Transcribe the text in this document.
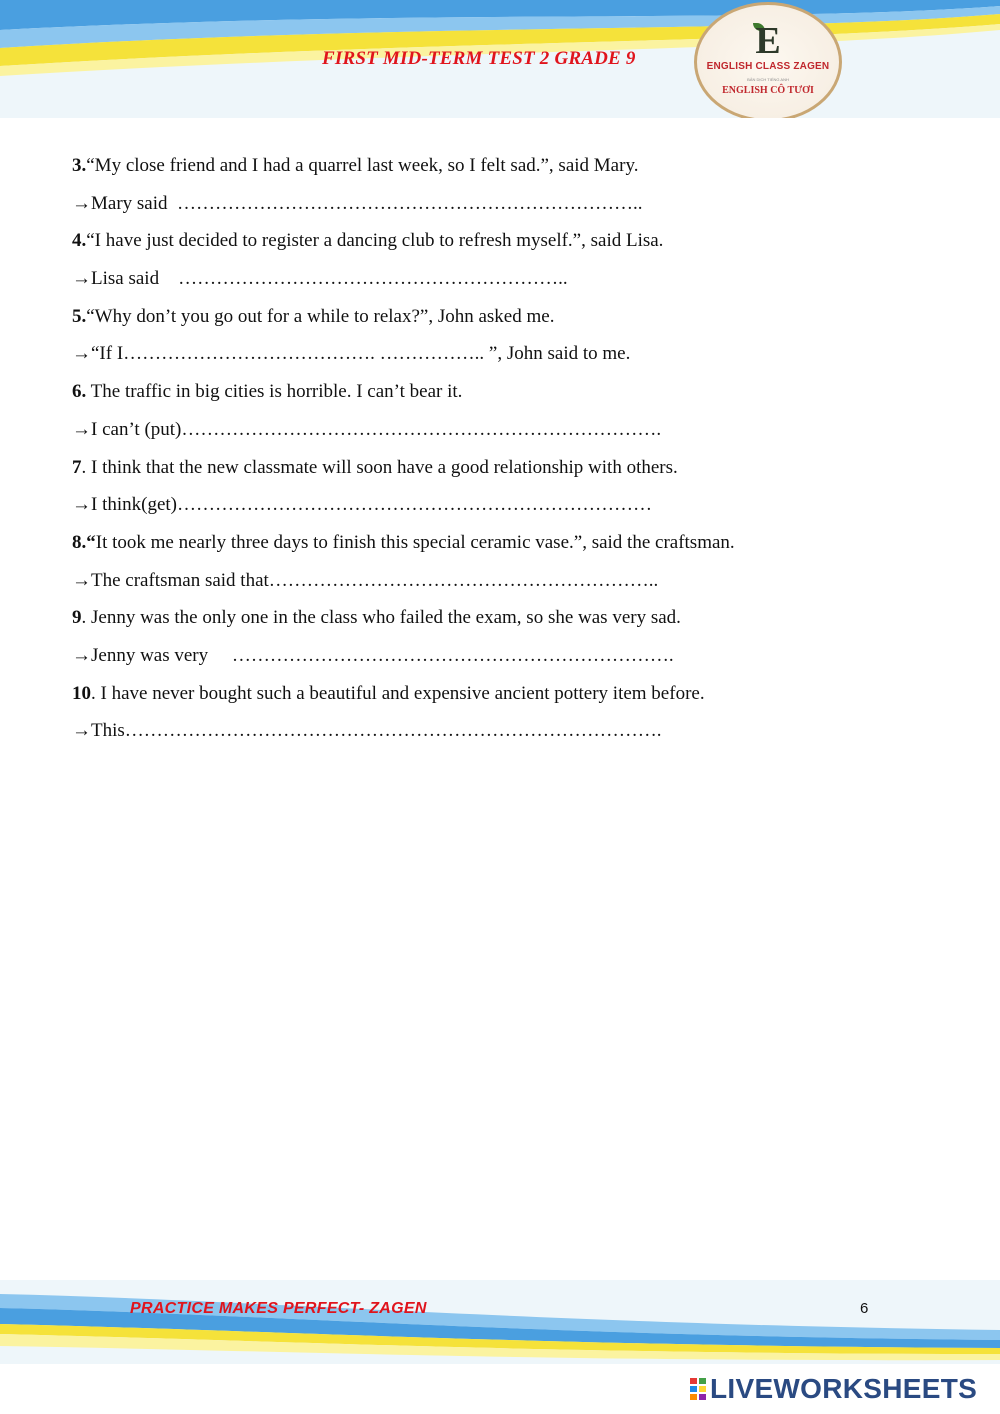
FIRST MID-TERM TEST 2 GRADE 9	E
ENGLISH CLASS ZAGEN
BẢN DỊCH TIẾNG ANH
ENGLISH CÔ TƯƠI
3.“My close friend and I had a quarrel last week, so I felt sad.”, said Mary.
→Mary said  ………………………………………………………………..
4.“I have just decided to register a dancing club to refresh myself.”, said Lisa.
→Lisa said    ……………………………………………………..
5.“Why don’t you go out for a while to relax?”, John asked me.
→“If I…………………………………. …………….. ”, John said to me.
6. The traffic in big cities is horrible. I can’t bear it.
→I can’t (put)………………………………………………………………….
7. I think that the new classmate will soon have a good relationship with others.
→I think(get)…………………………………………………………………
8.“It took me nearly three days to finish this special ceramic vase.”, said the craftsman.
→The craftsman said that……………………………………………………..
9. Jenny was the only one in the class who failed the exam, so she was very sad.
→Jenny was very     …………………………………………………………….
10. I have never bought such a beautiful and expensive ancient pottery item before.
→This………………………………………………………………………….
PRACTICE MAKES PERFECT- ZAGEN	6
LIVEWORKSHEETS
